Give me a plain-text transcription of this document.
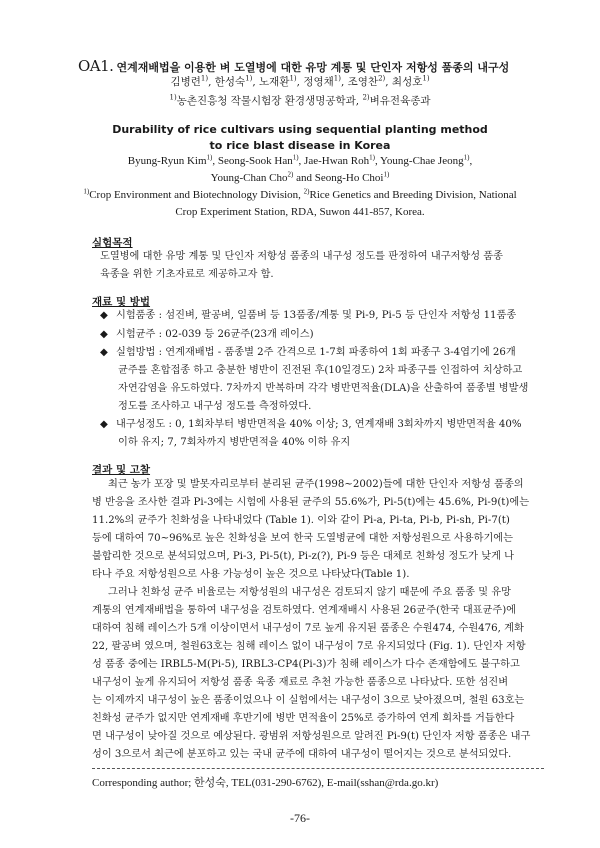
OA1. 연계재배법을 이용한 벼 도열병에 대한 유망 계통 및 단인자 저항성 품종의 내구성
김병련$^{1)}$, 한성숙$^{1)}$, 노재환$^{1)}$, 정영채$^{1)}$, 조영찬$^{2)}$, 최성호$^{1)}$
$^{1)}$농촌진흥청 작물시험장 환경생명공학과, $^{2)}$벼유전육종과
Durability of rice cultivars using sequential planting method
to rice blast disease in Korea
Byung-Ryun Kim$^{1)}$, Seong-Sook Han$^{1)}$, Jae-Hwan Roh$^{1)}$, Young-Chae Jeong$^{1)}$,
Young-Chan Cho$^{2)}$ and Seong-Ho Choi$^{1)}$
$^{1)}$Crop Environment and Biotechnology Division, $^{2)}$Rice Genetics and Breeding Division, National
Crop Experiment Station, RDA, Suwon 441-857, Korea.
실험목적
도열병에 대한 유망 계통 및 단인자 저항성 품종의 내구성 정도를 판정하여 내구저항성 품종
육종을 위한 기초자료로 제공하고자 함.
재료 및 방법
◆ 시험품종 : 섬진벼, 팔공벼, 일품벼 등 13품종/계통 및 Pi-9, Pi-5 등 단인자 저항성 11품종
◆ 시험균주 : 02-039 등 26균주(23개 레이스)
◆ 실험방법 : 연계재배법 - 품종별 2주 간격으로 1-7회 파종하여 1회 파종구 3-4엽기에 26개
균주를 혼합접종 하고 충분한 병반이 진전된 후(10일경도) 2차 파종구를 인접하여 치상하고
자연감염을 유도하였다. 7차까지 반복하며 각각 병반면적율(DLA)을 산출하여 품종별 병발생
정도를 조사하고 내구성 정도를 측정하였다.
◆ 내구성정도 : 0, 1회차부터 병반면적을 40% 이상; 3, 연계재배 3회차까지 병반면적율 40%
이하 유지; 7, 7회차까지 병반면적을 40% 이하 유지
결과 및 고찰
최근 농가 포장 및 발못자리로부터 분리된 균주(1998~2002)들에 대한 단인자 저항성 품종의
병 반응을 조사한 결과 Pi-3에는 시험에 사용된 균주의 55.6%가, Pi-5(t)에는 45.6%, Pi-9(t)에는
11.2%의 균주가 친화성을 나타내었다 (Table 1). 이와 같이 Pi-a, Pi-ta, Pi-b, Pi-sh, Pi-7(t)
등에 대하여 70~96%로 높은 친화성을 보여 한국 도열병균에 대한 저항성원으로 사용하기에는
불합리한 것으로 분석되었으며, Pi-3, Pi-5(t), Pi-z(?), Pi-9 등은 대체로 친화성 정도가 낮게 나
타나 주요 저항성원으로 사용 가능성이 높은 것으로 나타났다(Table 1).
그러나 친화성 균주 비율로는 저항성원의 내구성은 검토되지 않기 때문에 주요 품종 및 유망
계통의 연계재배법을 통하여 내구성을 검토하였다. 연계재배시 사용된 26균주(한국 대표균주)에
대하여 침해 레이스가 5개 이상이면서 내구성이 7로 높게 유지된 품종은 수원474, 수원476, 계화
22, 팔공벼 였으며, 철원63호는 침해 레이스 없이 내구성이 7로 유지되었다 (Fig. 1). 단인자 저항
성 품종 중에는 IRBL5-M(Pi-5), IRBL3-CP4(Pi-3)가 침해 레이스가 다수 존재함에도 불구하고
내구성이 높게 유지되어 저항성 품종 육종 재료로 추천 가능한 품종으로 나타났다. 또한 섬진벼
는 이제까지 내구성이 높은 품종이었으나 이 실험에서는 내구성이 3으로 낮아졌으며, 철원 63호는
친화성 균주가 없지만 연계재배 후반기에 병반 면적율이 25%로 증가하여 연계 회차를 거듭한다
면 내구성이 낮아질 것으로 예상된다. 광범위 저항성원으로 알려진 Pi-9(t) 단인자 저항 품종은 내구
성이 3으로서 최근에 분포하고 있는 국내 균주에 대하여 내구성이 떨어지는 것으로 분석되었다.
Corresponding author; 한성숙, TEL(031-290-6762), E-mail(sshan@rda.go.kr)
-76-
